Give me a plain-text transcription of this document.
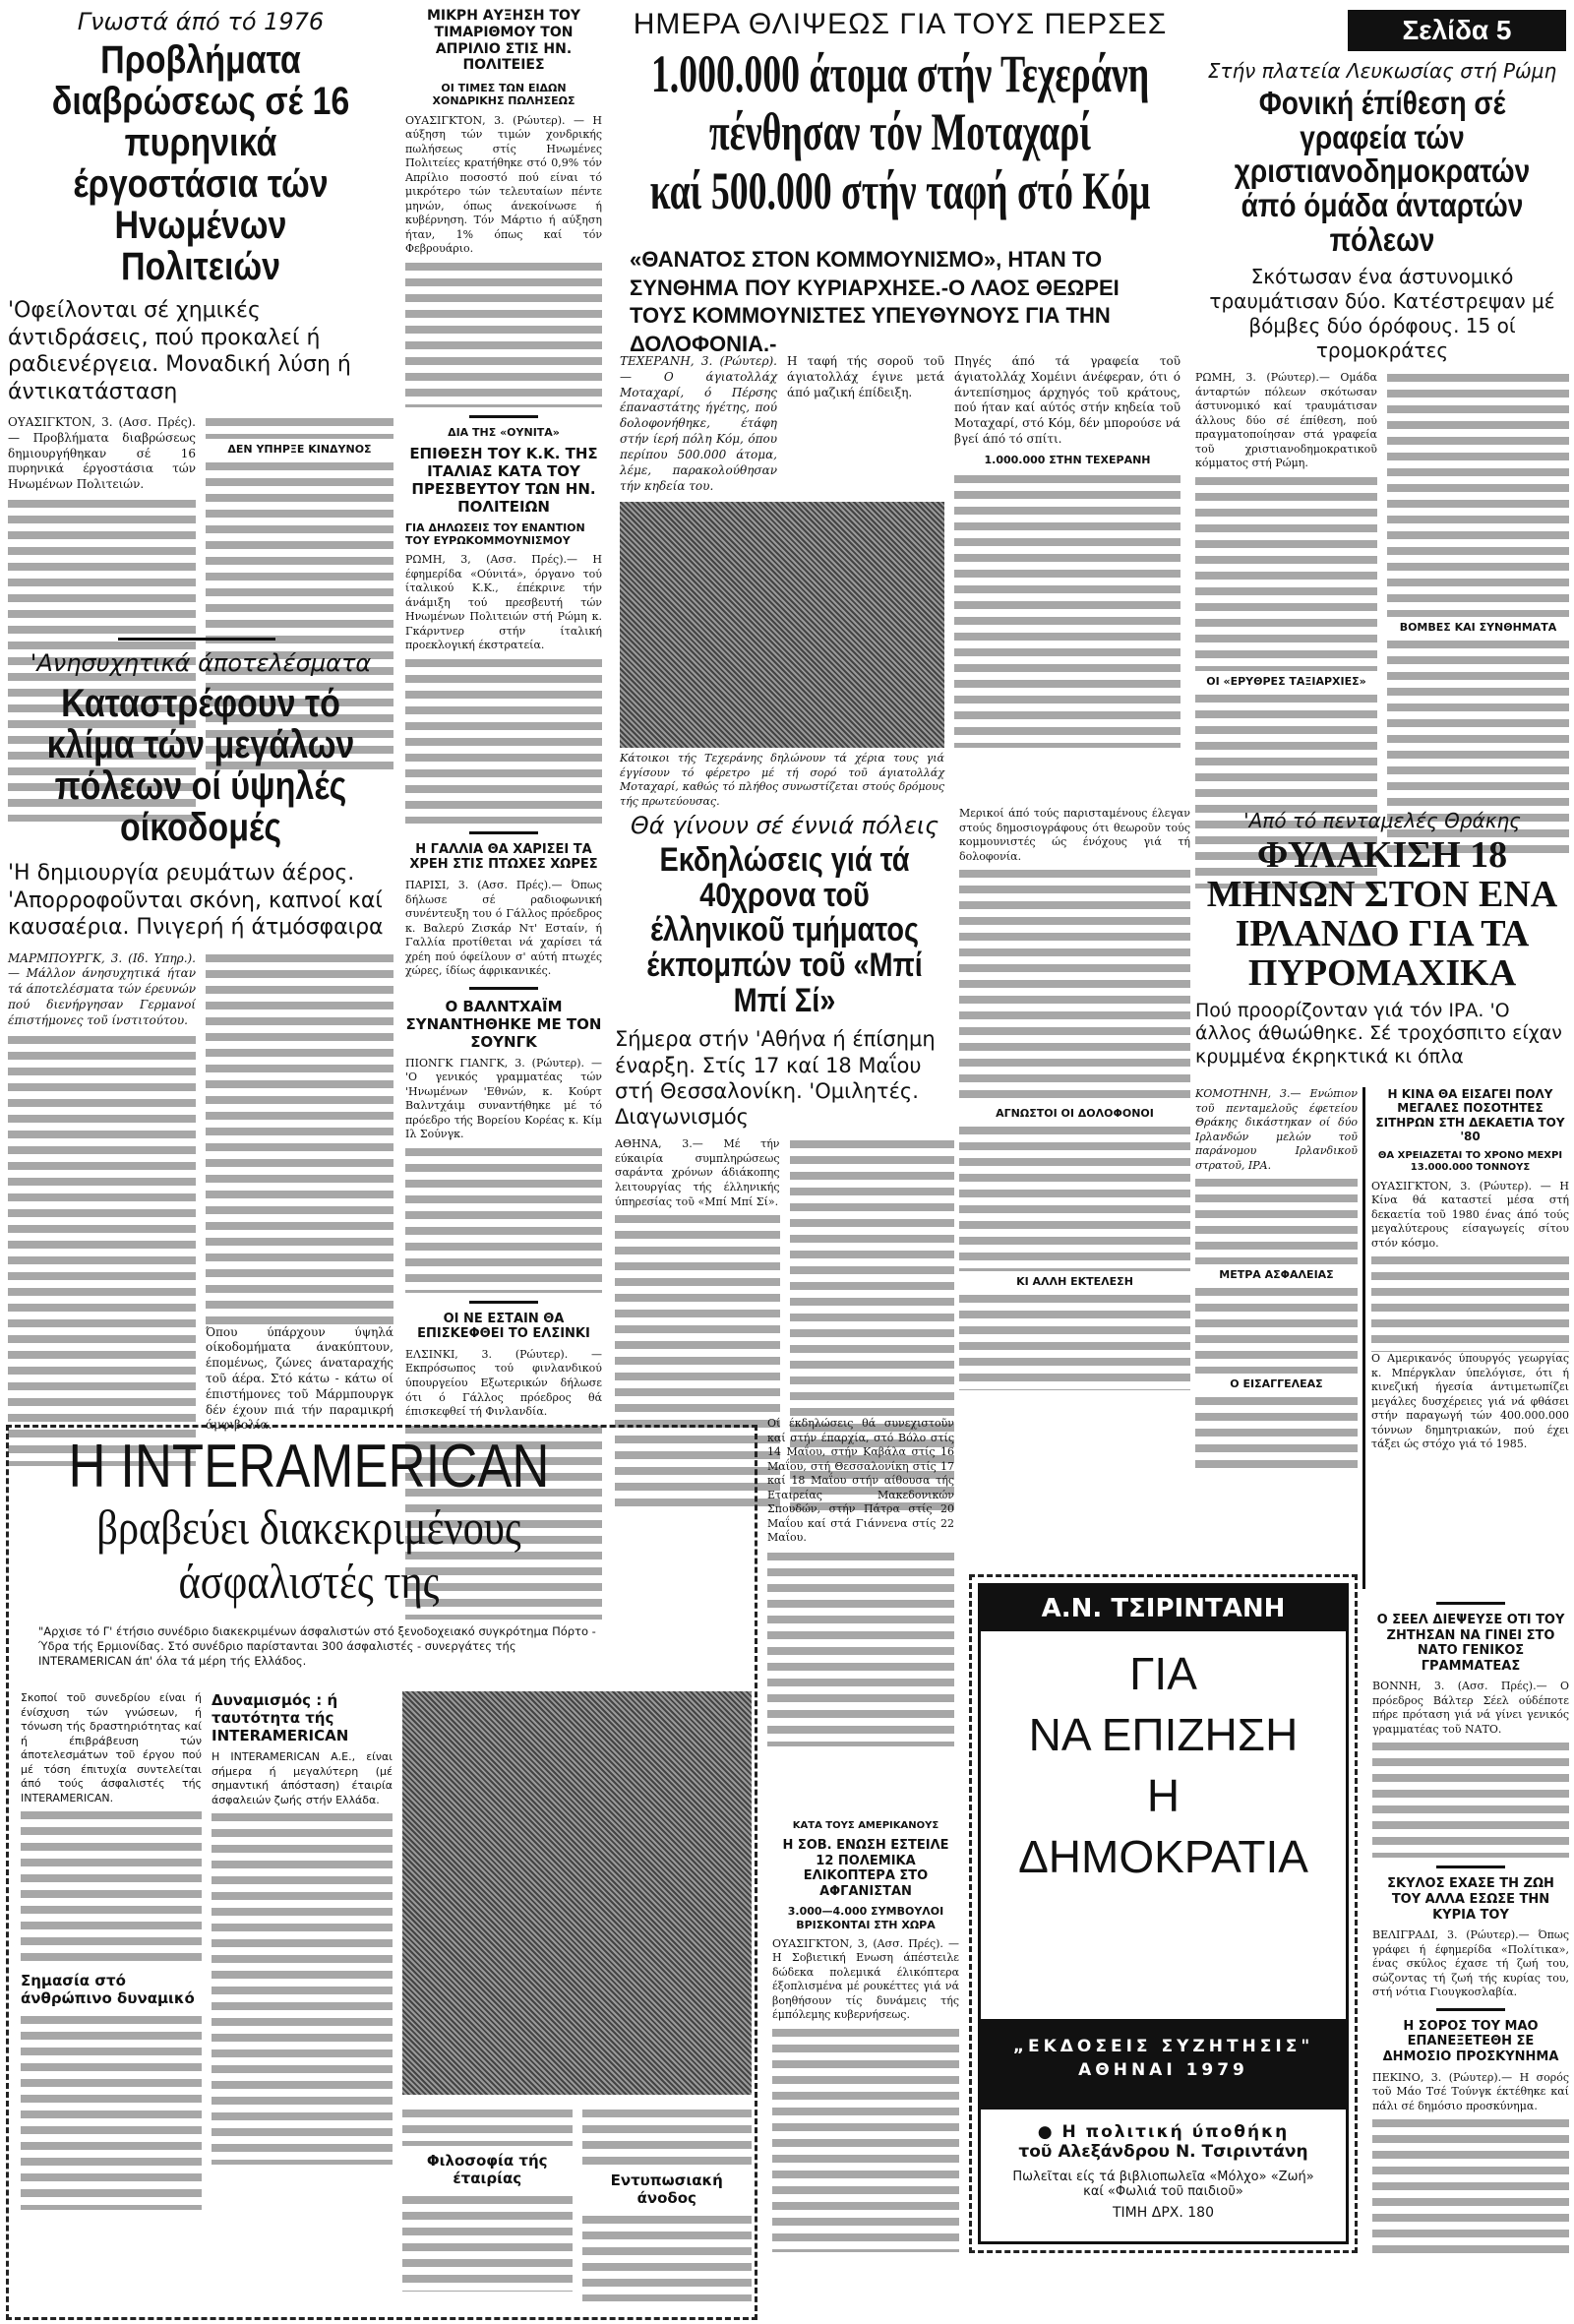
ΗΜΕΡΑ ΘΛΙΨΕΩΣ ΓΙΑ ΤΟΥΣ ΠΕΡΣΕΣ	Σελίδα 5
Γνωστά άπό τό 1976
Προβλήματα διαβρώσεως σέ 16 πυρηνικά έργοστάσια τών Ηνωμένων Πολιτειών
'Οφείλονται σέ χημικές άντιδράσεις, πού προκαλεί ή ραδιενέργεια. Μοναδική λύση ή άντικατάσταση
ΟΥΑΣΙΓΚΤΟΝ, 3. (Ασσ. Πρές).— Προβλήματα διαβρώσεως δημιουργήθηκαν σέ 16 πυρηνικά έργοστάσια τών Ηνωμένων Πολιτειών.
ΔΕΝ ΥΠΗΡΞΕ ΚΙΝΔΥΝΟΣ
'Ανησυχητικά άποτελέσματα
Καταστρέφουν τό κλίμα τών μεγάλων πόλεων οί ύψηλές οίκοδομές
'Η δημιουργία ρευμάτων άέρος. 'Απορροφοῦνται σκόνη, καπνοί καί καυσαέρια. Πνιγερή ή άτμόσφαιρα
ΜΑΡΜΠΟΥΡΓΚ, 3. (Ιδ. Υπηρ.).— Μάλλον άνησυχητικά ήταν τά άποτελέσματα τών έρευνών πού διενήργησαν Γερμανοί έπιστήμονες τοῦ ίνστιτούτου.
Όπου ύπάρχουν ύψηλά οίκοδομήματα άνακύπτουν, έπομένως, ζώνες άναταραχής τοῦ άέρα. Στό κάτω - κάτω οί έπιστήμονες τοῦ Μάρμπουργκ δέν έχουν πιά τήν παραμικρή άμφιβολία.
ΜΙΚΡΗ ΑΥΞΗΣΗ ΤΟΥ ΤΙΜΑΡΙΘΜΟΥ ΤΟΝ ΑΠΡΙΛΙΟ ΣΤΙΣ ΗΝ. ΠΟΛΙΤΕΙΕΣ
ΟΙ ΤΙΜΕΣ ΤΩΝ ΕΙΔΩΝ ΧΟΝΔΡΙΚΗΣ ΠΩΛΗΣΕΩΣ
ΟΥΑΣΙΓΚΤΟΝ, 3. (Ρώυτερ). — Η αύξηση τών τιμών χονδρικής πωλήσεως στίς Ηνωμένες Πολιτείες κρατήθηκε στό 0,9% τόν Απρίλιο ποσοστό πού είναι τό μικρότερο τών τελευταίων πέντε μηνών, όπως άνεκοίνωσε ή κυβέρνηση. Τόν Μάρτιο ή αύξηση ήταν, 1% όπως καί τόν Φεβρουάριο.
ΔΙΑ ΤΗΣ «ΟΥΝΙΤΑ»
ΕΠΙΘΕΣΗ ΤΟΥ Κ.Κ. ΤΗΣ ΙΤΑΛΙΑΣ ΚΑΤΑ ΤΟΥ ΠΡΕΣΒΕΥΤΟΥ ΤΩΝ ΗΝ. ΠΟΛΙΤΕΙΩΝ
ΓΙΑ ΔΗΛΩΣΕΙΣ ΤΟΥ ΕΝΑΝΤΙΟΝ ΤΟΥ ΕΥΡΩΚΟΜΜΟΥΝΙΣΜΟΥ
ΡΩΜΗ, 3, (Ασσ. Πρές).— Η έφημερίδα «Ούνιτά», όργανο τού ίταλικού Κ.Κ., έπέκρινε τήν άνάμιξη τού πρεσβευτή τών Ηνωμένων Πολιτειών στή Ρώμη κ. Γκάρντνερ στήν ίταλική προεκλογική έκστρατεία.
Η ΓΑΛΛΙΑ ΘΑ ΧΑΡΙΣΕΙ ΤΑ ΧΡΕΗ ΣΤΙΣ ΠΤΩΧΕΣ ΧΩΡΕΣ
ΠΑΡΙΣΙ, 3. (Ασσ. Πρές).— Όπως δήλωσε σέ ραδιοφωνική συνέντευξη του ό Γάλλος πρόεδρος κ. Βαλερύ Ζισκάρ Ντ' Εσταίν, ή Γαλλία προτίθεται νά χαρίσει τά χρέη πού όφείλουν σ' αύτή πτωχές χώρες, ίδίως άφρικανικές.
Ο ΒΑΛΝΤΧΑΪΜ ΣΥΝΑΝΤΗΘΗΚΕ ΜΕ ΤΟΝ ΣΟΥΝΓΚ
ΠΙΟΝΓΚ ΓΙΑΝΓΚ, 3. (Ρώυτερ). — 'Ο γενικός γραμματέας τών 'Ηνωμένων 'Εθνών, κ. Κούρτ Βαλντχάιμ συναντήθηκε μέ τό πρόεδρο τής Βορείου Κορέας κ. Κίμ Ιλ Σούνγκ.
ΟΙ ΝΕ ΕΣΤΑΙΝ ΘΑ ΕΠΙΣΚΕΦΘΕΙ ΤΟ ΕΛΣΙΝΚΙ
ΕΛΣΙΝΚΙ, 3. (Ρώυτερ). — Εκπρόσωπος τού φινλανδικού ύπουργείου Εξωτερικών δήλωσε ότι ό Γάλλος πρόεδρος θά έπισκεφθεί τή Φινλανδία.
1.000.000 άτομα στήν Τεχεράνη
πένθησαν τόν Μοταχαρί
καί 500.000 στήν ταφή στό Κόμ
«ΘΑΝΑΤΟΣ ΣΤΟΝ ΚΟΜΜΟΥΝΙΣΜΟ», ΗΤΑΝ ΤΟ ΣΥΝΘΗΜΑ ΠΟΥ ΚΥΡΙΑΡΧΗΣΕ.-Ο ΛΑΟΣ ΘΕΩΡΕΙ ΤΟΥΣ ΚΟΜΜΟΥΝΙΣΤΕΣ ΥΠΕΥΘΥΝΟΥΣ ΓΙΑ ΤΗΝ ΔΟΛΟΦΟΝΙΑ.-
ΤΕΧΕΡΑΝΗ, 3. (Ρώυτερ).— Ο άγιατολλάχ Μοταχαρί, ό Πέρσης έπαναστάτης ήγέτης, πού δολοφονήθηκε, έτάφη στήν ίερή πόλη Κόμ, όπου περίπου 500.000 άτομα, λέμε, παρακολούθησαν τήν κηδεία του.
Η ταφή τής σοροῦ τοῦ άγιατολλάχ έγινε μετά άπό μαζική έπίδειξη.
Κάτοικοι τής Τεχεράνης δηλώνουν τά χέρια τους γιά έγγίσουν τό φέρετρο μέ τή σορό τοῦ άγιατολλάχ Μοταχαρί, καθώς τό πλήθος συνωστίζεται στούς δρόμους τής πρωτεύουσας.
Πηγές άπό τά γραφεία τοῦ άγιατολλάχ Χομέινι άνέφεραν, ότι ό άντεπίσημος άρχηγός τοῦ κράτους, πού ήταν καί αύτός στήν κηδεία τοῦ Μοταχαρί, στό Κόμ, δέν μπορούσε νά βγεί άπό τό σπίτι.
1.000.000 ΣΤΗΝ ΤΕΧΕΡΑΝΗ
Στήν πλατεία Λευκωσίας στή Ρώμη
Φονική έπίθεση σέ γραφεία τών χριστιανοδημοκρατών άπό όμάδα άνταρτών πόλεων
Σκότωσαν ένα άστυνομικό τραυμάτισαν δύο. Κατέστρεψαν μέ βόμβες δύο όρόφους. 15 οί τρομοκράτες
ΡΩΜΗ, 3. (Ρώυτερ).— Ομάδα άνταρτών πόλεων σκότωσαν άστυνομικό καί τραυμάτισαν άλλους δύο σέ έπίθεση, πού πραγματοποίησαν στά γραφεία τοῦ χριστιανοδημοκρατικοῦ κόμματος στή Ρώμη.
ΟΙ «ΕΡΥΘΡΕΣ ΤΑΞΙΑΡΧΙΕΣ»
ΒΟΜΒΕΣ ΚΑΙ ΣΥΝΘΗΜΑΤΑ
Θά γίνουν σέ έννιά πόλεις
Εκδηλώσεις γιά τά 40χρονα τοῦ έλληνικοῦ τμήματος έκπομπών τοῦ «Μπί Μπί Σί»
Σήμερα στήν 'Αθήνα ή έπίσημη έναρξη. Στίς 17 καί 18 Μαΐου στή Θεσσαλονίκη. 'Ομιλητές. Διαγωνισμός
ΑΘΗΝΑ, 3.— Μέ τήν εύκαιρία συμπληρώσεως σαράντα χρόνων άδιάκοπης λειτουργίας τής έλληνικής ύπηρεσίας τοῦ «Μπί Μπί Σί».
Μερικοί άπό τούς παρισταμένους έλεγαν στούς δημοσιογράφους ότι θεωροῦν τούς κομμουνιστές ώς ένόχους γιά τή δολοφονία.
ΑΓΝΩΣΤΟΙ ΟΙ ΔΟΛΟΦΟΝΟΙ
ΚΙ ΑΛΛΗ ΕΚΤΕΛΕΣΗ
'Από τό πενταμελές Θράκης
ΦΥΛΑΚΙΣΗ 18 ΜΗΝΩΝ ΣΤΟΝ ΕΝΑ ΙΡΛΑΝΔΟ ΓΙΑ ΤΑ ΠΥΡΟΜΑΧΙΚΑ
Πού προορίζονταν γιά τόν ΙΡΑ. 'Ο άλλος άθωώθηκε. Σέ τροχόσπιτο είχαν κρυμμένα έκρηκτικά κι όπλα
ΚΟΜΟΤΗΝΗ, 3.— Ενώπιον τοῦ πενταμελοῦς έφετείου Θράκης δικάστηκαν οί δύο Ιρλανδών μελών τοῦ παράνομου Ιρλανδικοῦ στρατοῦ, ΙΡΑ.
ΜΕΤΡΑ ΑΣΦΑΛΕΙΑΣ
Ο ΕΙΣΑΓΓΕΛΕΑΣ
Η ΚΙΝΑ ΘΑ ΕΙΣΑΓΕΙ ΠΟΛΥ ΜΕΓΑΛΕΣ ΠΟΣΟΤΗΤΕΣ ΣΙΤΗΡΩΝ ΣΤΗ ΔΕΚΑΕΤΙΑ ΤΟΥ '80
ΘΑ ΧΡΕΙΑΖΕΤΑΙ ΤΟ ΧΡΟΝΟ ΜΕΧΡΙ 13.000.000 ΤΟΝΝΟΥΣ
ΟΥΑΣΙΓΚΤΟΝ, 3. (Ρώυτερ). — Η Κίνα θά καταστεί μέσα στή δεκαετία τοῦ 1980 ένας άπό τούς μεγαλύτερους είσαγωγείς σίτου στόν κόσμο.
Ο Αμερικανός ύπουργός γεωργίας κ. Μπέργκλαν ύπελόγισε, ότι ή κινεζική ήγεσία άντιμετωπίζει μεγάλες δυσχέρειες γιά νά φθάσει στήν παραγωγή τών 400.000.000 τόννων δημητριακών, πού έχει τάξει ώς στόχο γιά τό 1985.
Ο ΣΕΕΛ ΔΙΕΨΕΥΣΕ ΟΤΙ ΤΟΥ ΖΗΤΗΣΑΝ ΝΑ ΓΙΝΕΙ ΣΤΟ ΝΑΤΟ ΓΕΝΙΚΟΣ ΓΡΑΜΜΑΤΕΑΣ
ΒΟΝΝΗ, 3. (Ασσ. Πρές).— Ο πρόεδρος Βάλτερ Σέελ ούδέποτε πήρε πρόταση γιά νά γίνει γενικός γραμματέας τοῦ ΝΑΤΟ.
ΣΚΥΛΟΣ ΕΧΑΣΕ ΤΗ ΖΩΗ ΤΟΥ ΑΛΛΑ ΕΣΩΣΕ ΤΗΝ ΚΥΡΙΑ ΤΟΥ
ΒΕΛΙΓΡΑΔΙ, 3. (Ρώυτερ).— Όπως γράφει ή έφημερίδα «Πολίτικα», ένας σκύλος έχασε τή ζωή του, σώζοντας τή ζωή τής κυρίας του, στή νότια Γιουγκοσλαβία.
Η ΣΟΡΟΣ ΤΟΥ ΜΑΟ ΕΠΑΝΕΞΕΤΕΘΗ ΣΕ ΔΗΜΟΣΙΟ ΠΡΟΣΚΥΝΗΜΑ
ΠΕΚΙΝΟ, 3. (Ρώυτερ).— Η σορός τοῦ Μάο Τσέ Τούνγκ έκτέθηκε καί πάλι σέ δημόσιο προσκύνημα.
Η INTERAMERICAN
βραβεύει διακεκριμένους
άσφαλιστές της
"Αρχισε τό Γ' έτήσιο συνέδριο διακεκριμένων άσφαλιστών στό ξενοδοχειακό συγκρότημα Πόρτο - Ύδρα τής Ερμιονίδας. Στό συνέδριο παρίστανται 300 άσφαλιστές - συνεργάτες τής INTERAMERICAN άπ' όλα τά μέρη τής Ελλάδος.
Σκοποί τοῦ συνεδρίου είναι ή ένίσχυση τών γνώσεων, ή τόνωση τής δραστηριότητας καί ή έπιβράβευση τών άποτελεσμάτων τοῦ έργου πού μέ τόση έπιτυχία συντελείται άπό τούς άσφαλιστές τής INTERAMERICAN.
Σημασία στό άνθρώπινο δυναμικό
Δυναμισμός : ή ταυτότητα τής INTERAMERICAN
Η INTERAMERICAN Α.Ε., είναι σήμερα ή μεγαλύτερη (μέ σημαντική άπόσταση) έταιρία άσφαλειών ζωής στήν Ελλάδα.
Φιλοσοφία τής έταιρίας	Εντυπωσιακή άνοδος
Οί έκδηλώσεις θά συνεχιστοῦν καί στήν έπαρχία, στό Βόλο στίς 14 Μαΐου, στήν Καβάλα στίς 16 Μαΐου, στή Θεσσαλονίκη στίς 17 καί 18 Μαΐου στήν αίθουσα τής Εταιρείας Μακεδονικών Σπουδών, στήν Πάτρα στίς 20 Μαΐου καί στά Γιάννενα στίς 22 Μαΐου.
ΚΑΤΑ ΤΟΥΣ ΑΜΕΡΙΚΑΝΟΥΣ
Η ΣΟΒ. ΕΝΩΣΗ ΕΣΤΕΙΛΕ 12 ΠΟΛΕΜΙΚΑ ΕΛΙΚΟΠΤΕΡΑ ΣΤΟ ΑΦΓΑΝΙΣΤΑΝ
3.000—4.000 ΣΥΜΒΟΥΛΟΙ ΒΡΙΣΚΟΝΤΑΙ ΣΤΗ ΧΩΡΑ
ΟΥΑΣΙΓΚΤΟΝ, 3, (Ασσ. Πρές). — Η Σοβιετική Ενωση άπέστειλε δώδεκα πολεμικά έλικόπτερα έξοπλισμένα μέ ρουκέττες γιά νά βοηθήσουν τίς δυνάμεις τής έμπόλεμης κυβερνήσεως.
Α.Ν. ΤΣΙΡΙΝΤΑΝΗ
ΓΙΑ
ΝΑ ΕΠΙΖΗΣΗ
Η
ΔΗΜΟΚΡΑΤΙΑ
„ΕΚΔΟΣΕΙΣ ΣΥΖΗΤΗΣΙΣ"
ΑΘΗΝΑΙ 1979
● Η πολιτική ύποθήκη
τοῦ Αλεξάνδρου Ν. Τσιριντάνη
Πωλεῖται είς τά βιβλιοπωλεῖα «Μόλχο» «Ζωή» καί «Φωλιά τοῦ παιδιοῦ»
ΤΙΜΗ ΔΡΧ. 180
